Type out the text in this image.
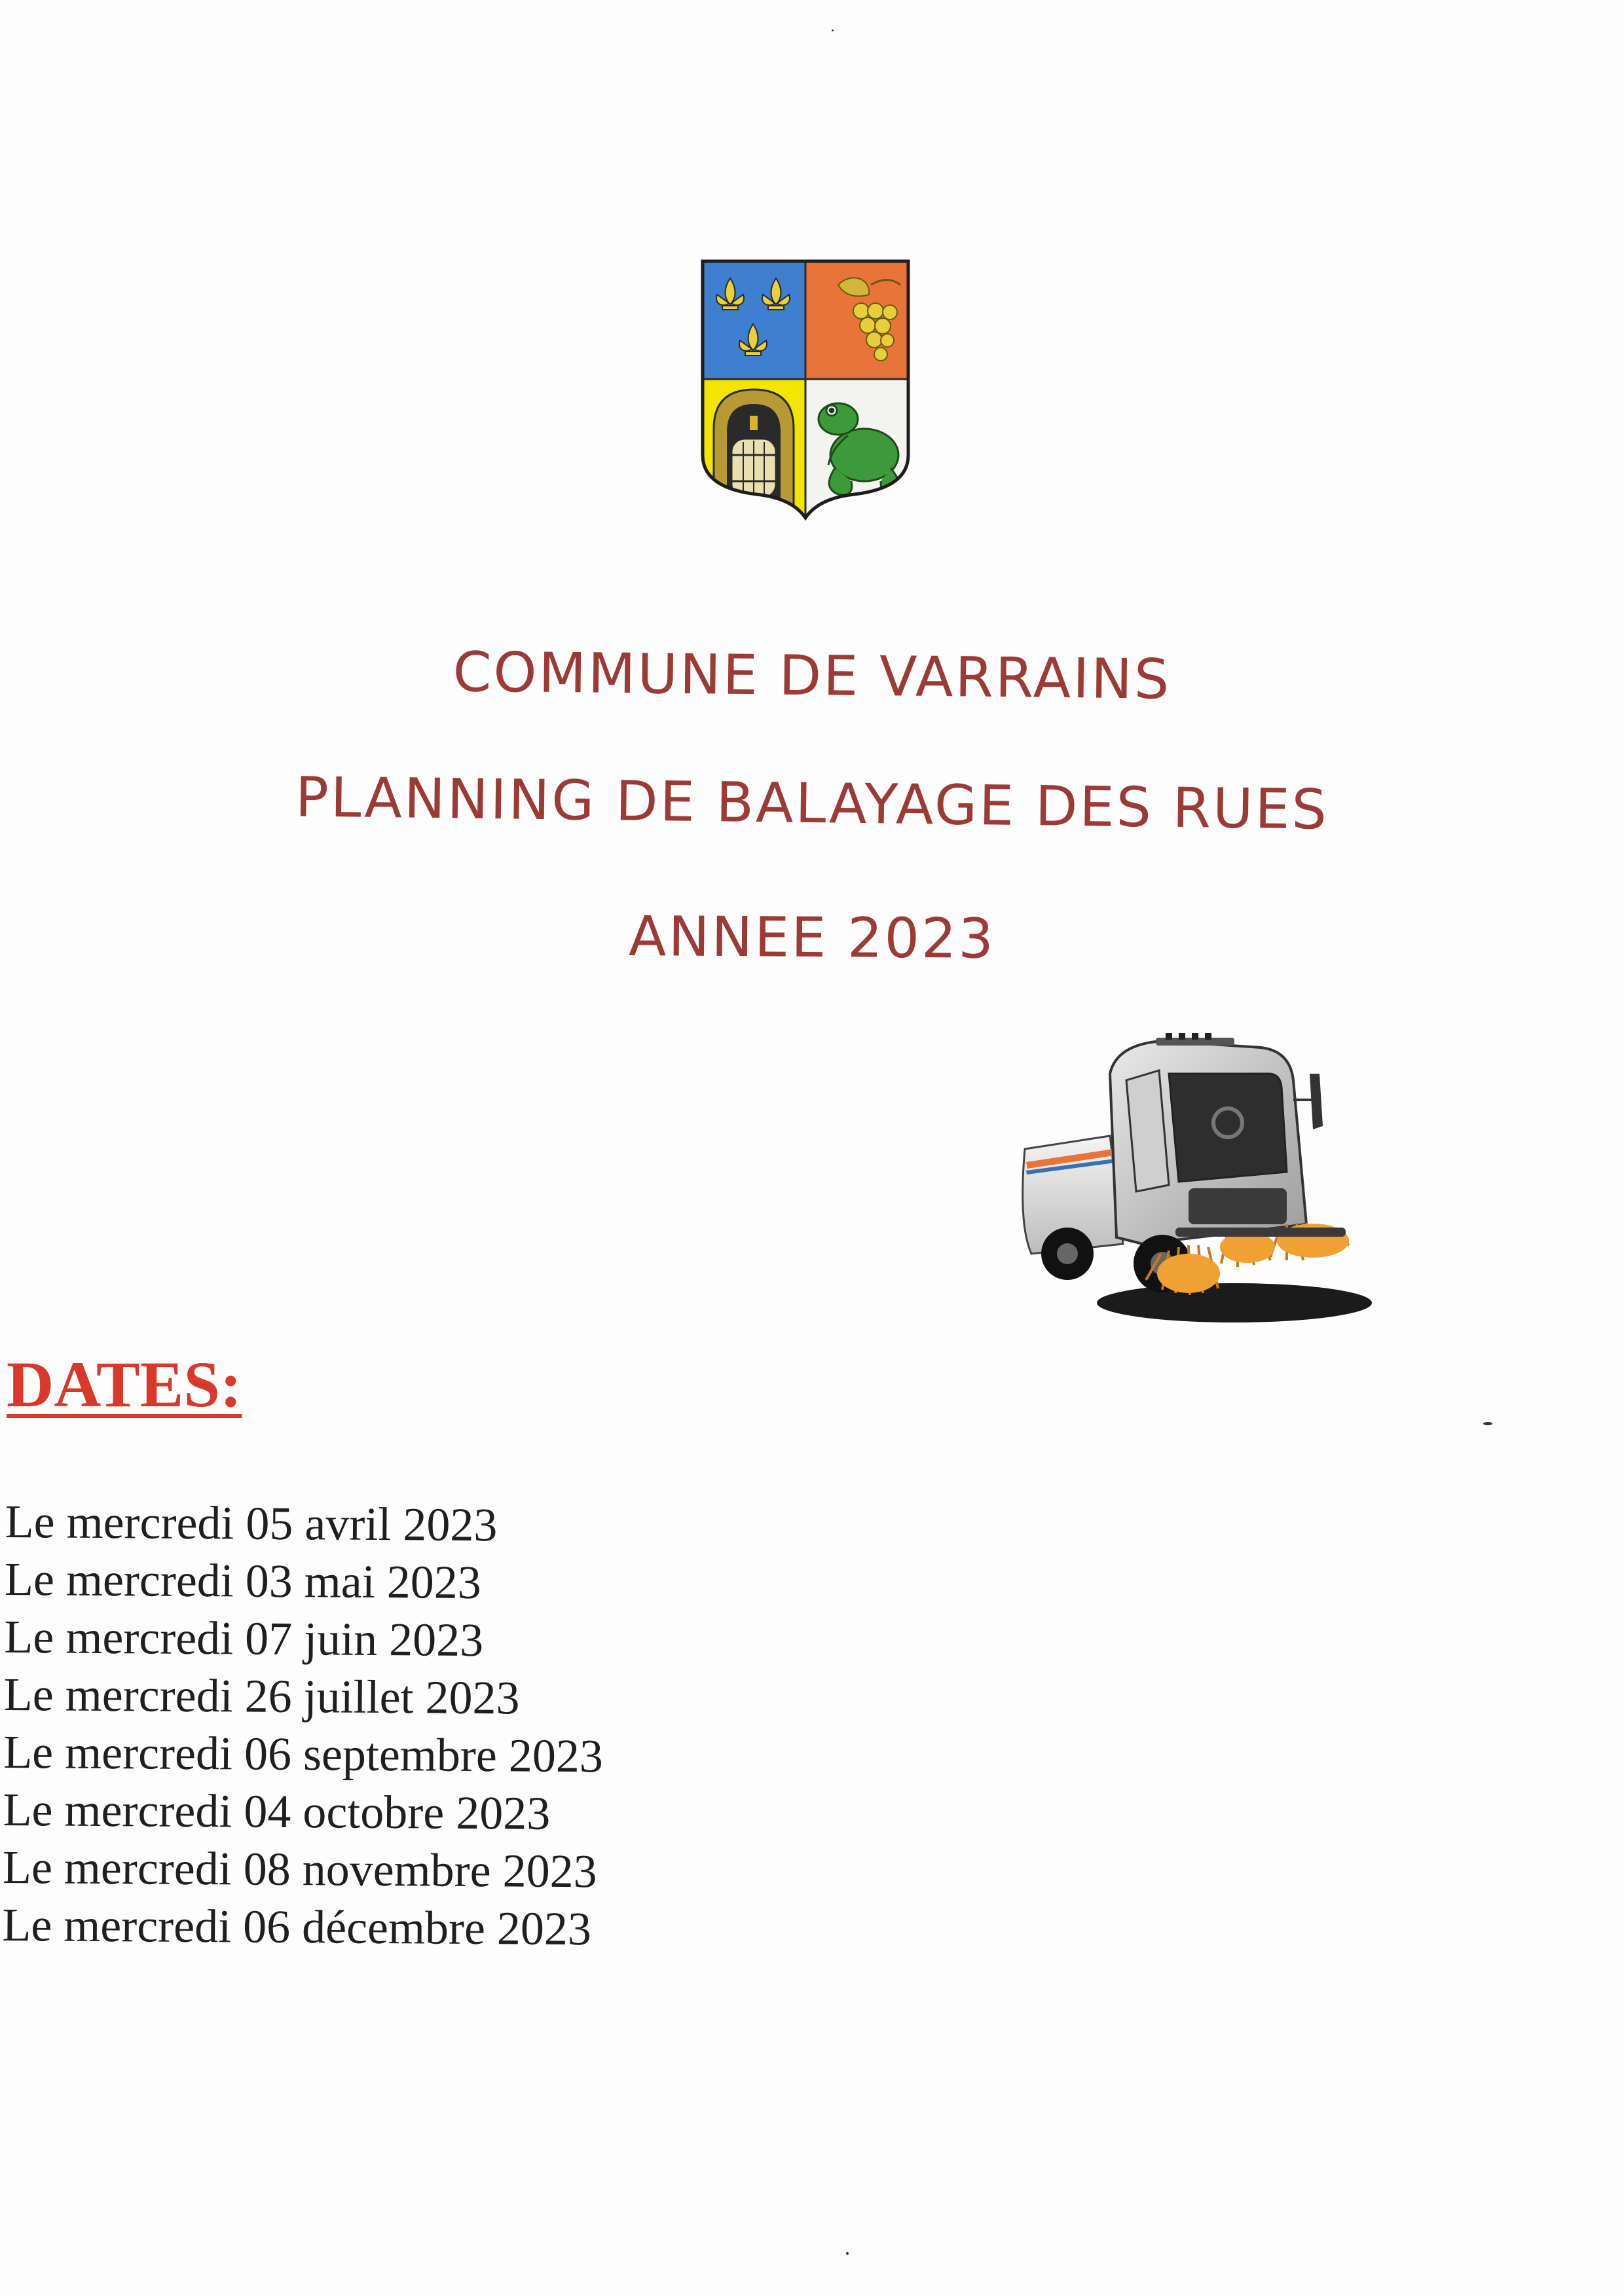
COMMUNE DE VARRAINS
PLANNING DE BALAYAGE DES RUES
ANNEE 2023
DATES:
Le mercredi 05 avril 2023
Le mercredi 03 mai 2023
Le mercredi 07 juin 2023
Le mercredi 26 juillet 2023
Le mercredi 06 septembre 2023
Le mercredi 04 octobre 2023
Le mercredi 08 novembre 2023
Le mercredi 06 décembre 2023
